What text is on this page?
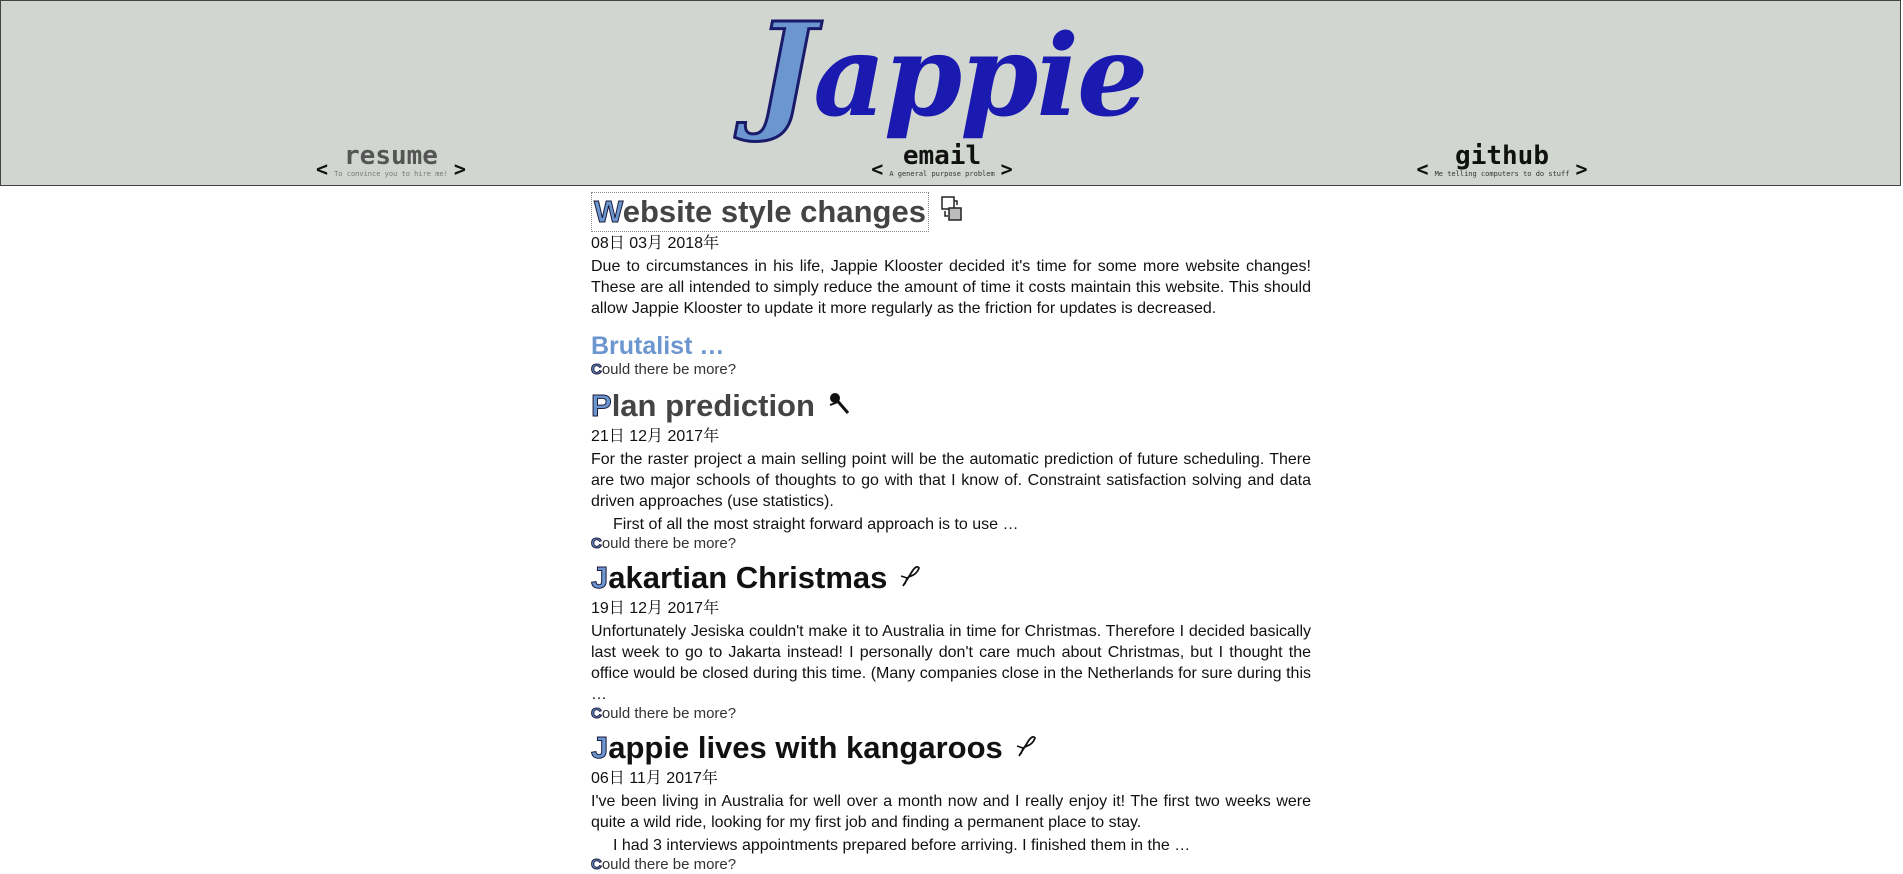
Jappie
< resume
To convince you to hire me! >	< email
A general purpose problem >	< github
Me telling computers to do stuff >
Website style changes
08日 03月 2018年
Due to circumstances in his life, Jappie Klooster decided it's time for some more website changes! These are all intended to simply reduce the amount of time it costs maintain this website. This should allow Jappie Klooster to update it more regularly as the friction for updates is decreased.
Brutalist …
Could there be more?
Plan prediction
21日 12月 2017年
For the raster project a main selling point will be the automatic prediction of future scheduling. There are two major schools of thoughts to go with that I know of. Constraint satisfaction solving and data driven approaches (use statistics).
First of all the most straight forward approach is to use …
Could there be more?
Jakartian Christmas
19日 12月 2017年
Unfortunately Jesiska couldn't make it to Australia in time for Christmas. Therefore I decided basically last week to go to Jakarta instead! I personally don't care much about Christmas, but I thought the office would be closed during this time. (Many companies close in the Netherlands for sure during this …
Could there be more?
Jappie lives with kangaroos
06日 11月 2017年
I've been living in Australia for well over a month now and I really enjoy it! The first two weeks were quite a wild ride, looking for my first job and finding a permanent place to stay.
I had 3 interviews appointments prepared before arriving. I finished them in the …
Could there be more?
